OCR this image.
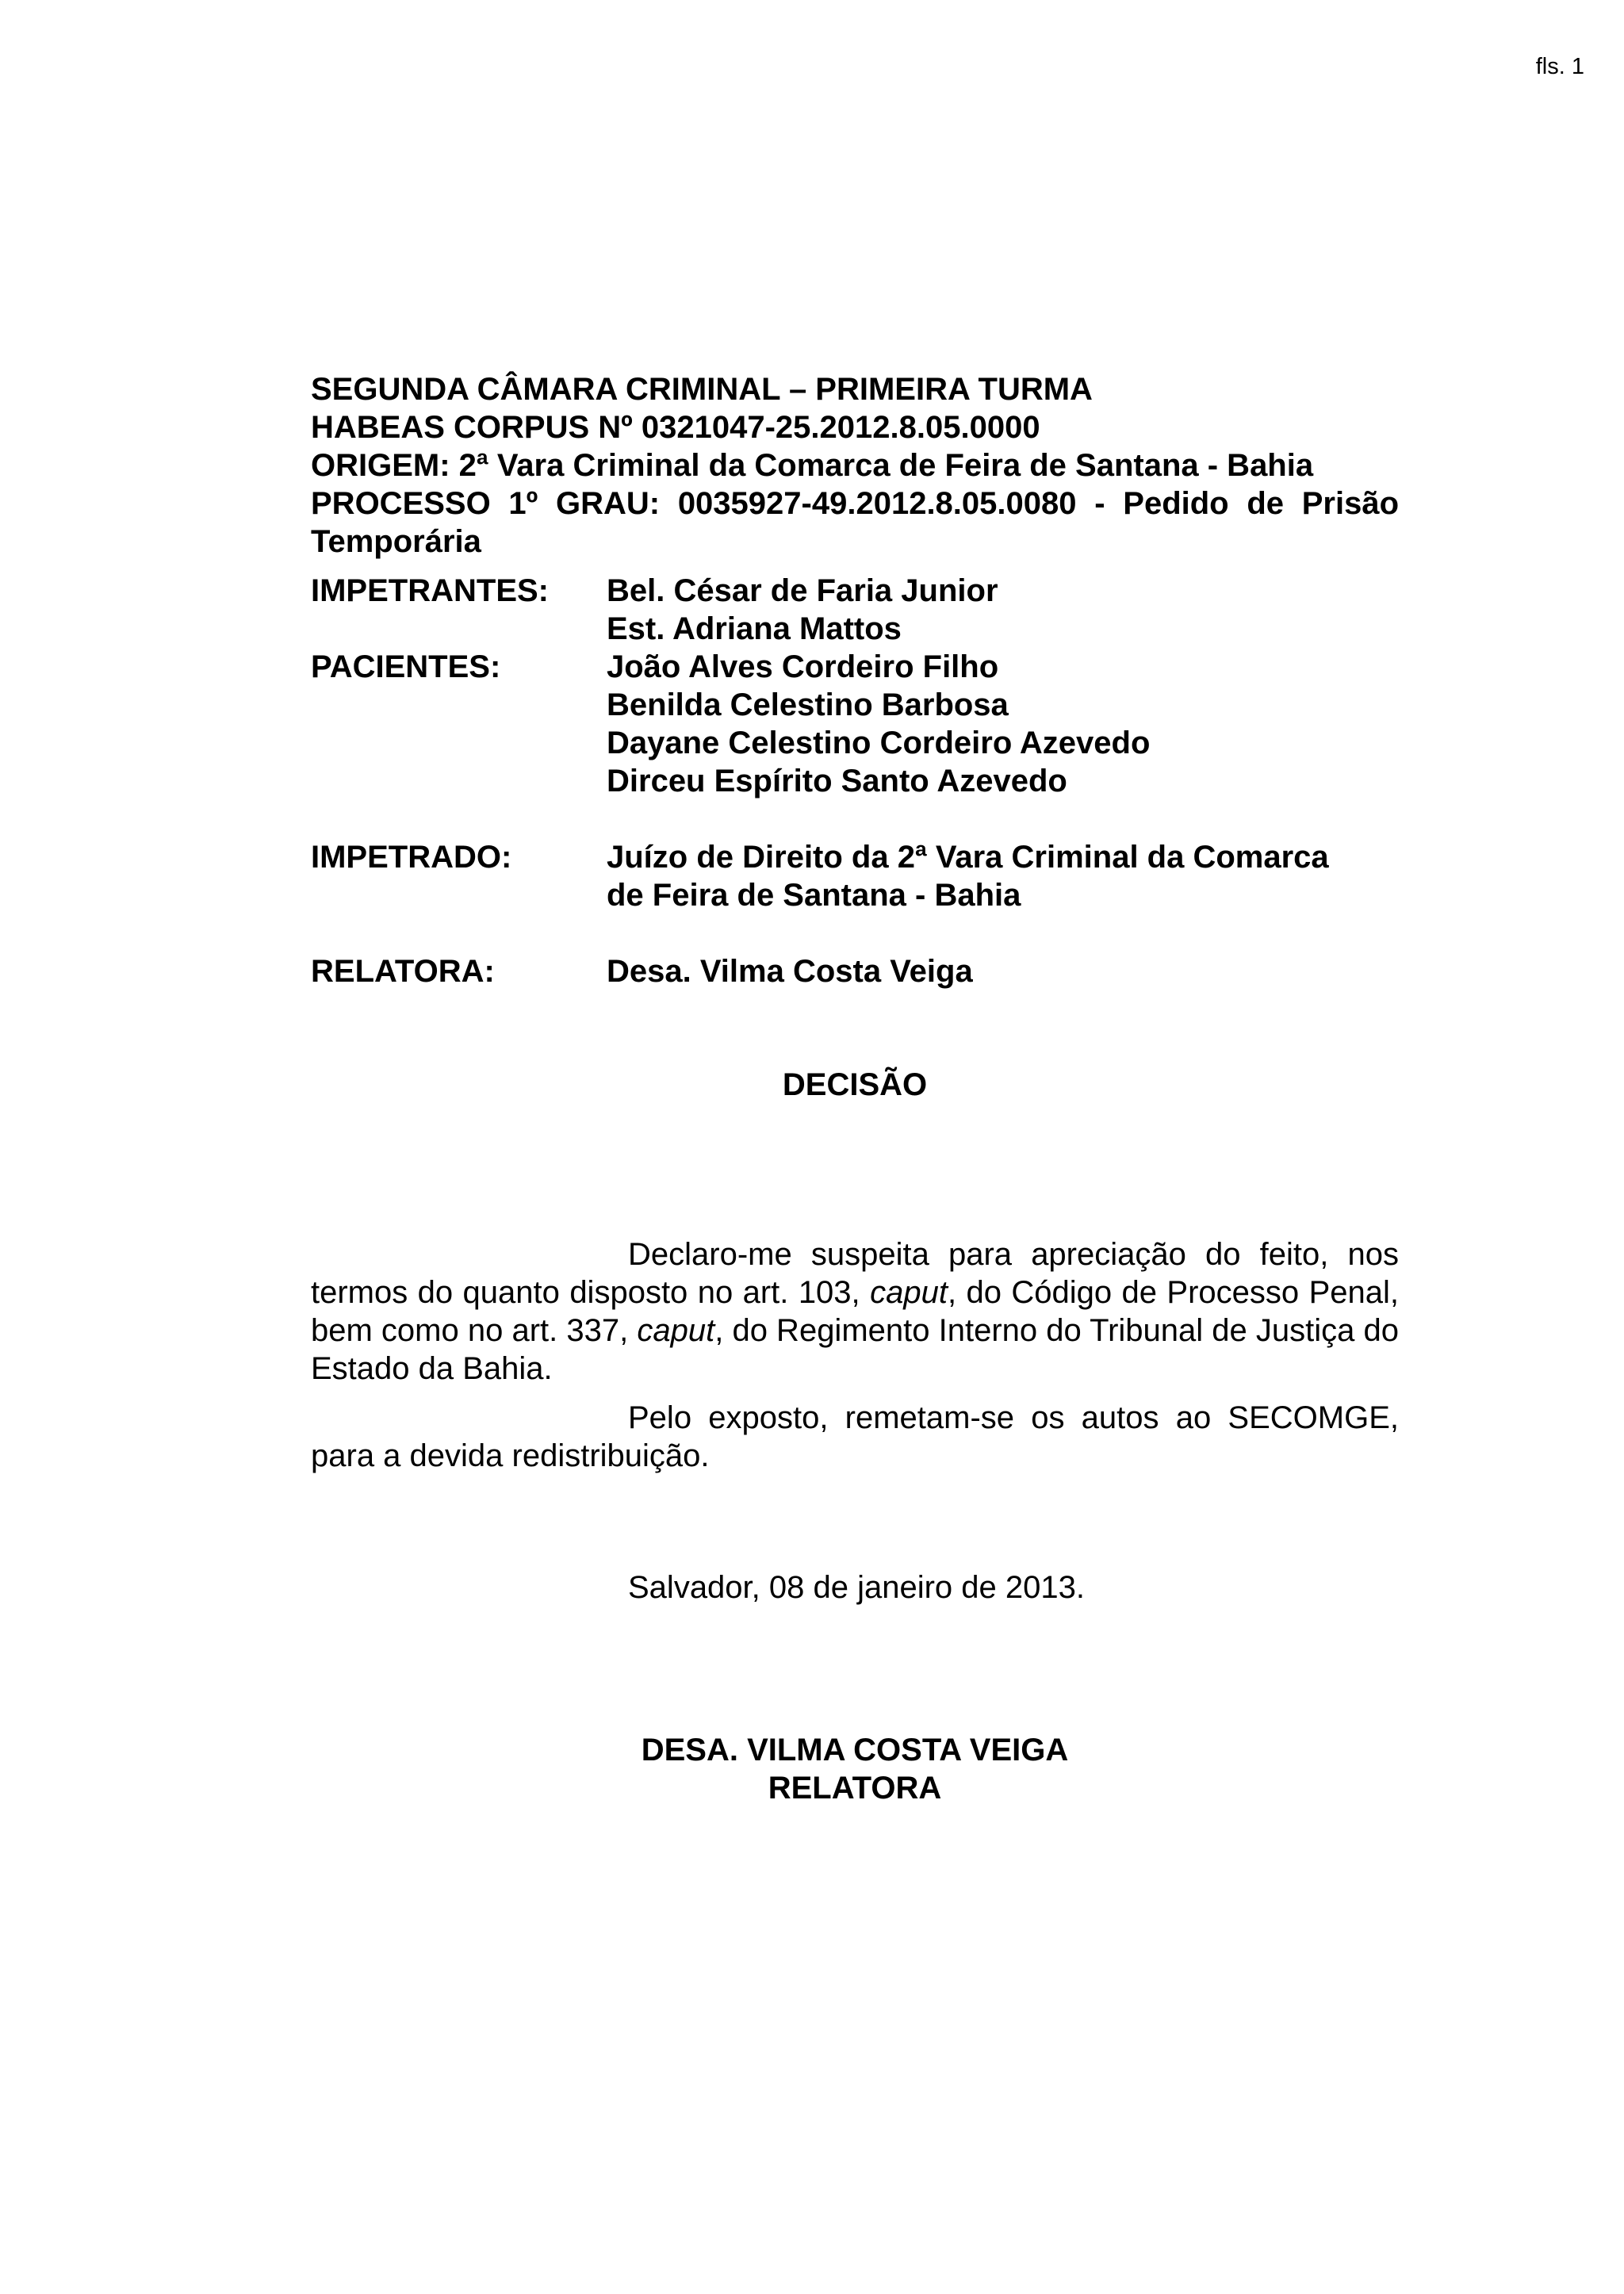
fls. 1
SEGUNDA CÂMARA CRIMINAL – PRIMEIRA TURMA
HABEAS CORPUS Nº 0321047-25.2012.8.05.0000
ORIGEM: 2ª Vara Criminal da Comarca de Feira de Santana - Bahia
PROCESSO 1º GRAU: 0035927-49.2012.8.05.0080 - Pedido de Prisão
Temporária
IMPETRANTES:	Bel. César de Faria Junior
Est. Adriana Mattos
PACIENTES:	João Alves Cordeiro Filho
Benilda Celestino Barbosa
Dayane Celestino Cordeiro Azevedo
Dirceu Espírito Santo Azevedo
IMPETRADO:	Juízo de Direito da 2ª Vara Criminal da Comarca
de Feira de Santana - Bahia
RELATORA:	Desa. Vilma Costa Veiga
DECISÃO

Declaro-me suspeita para apreciação do feito, nos termos do quanto disposto no art. 103, caput, do Código de Processo Penal, bem como no art. 337, caput, do Regimento Interno do Tribunal de Justiça do Estado da Bahia.

Pelo exposto, remetam-se os autos ao SECOMGE, para a devida redistribuição.

Salvador, 08 de janeiro de 2013.
DESA. VILMA COSTA VEIGA
RELATORA
